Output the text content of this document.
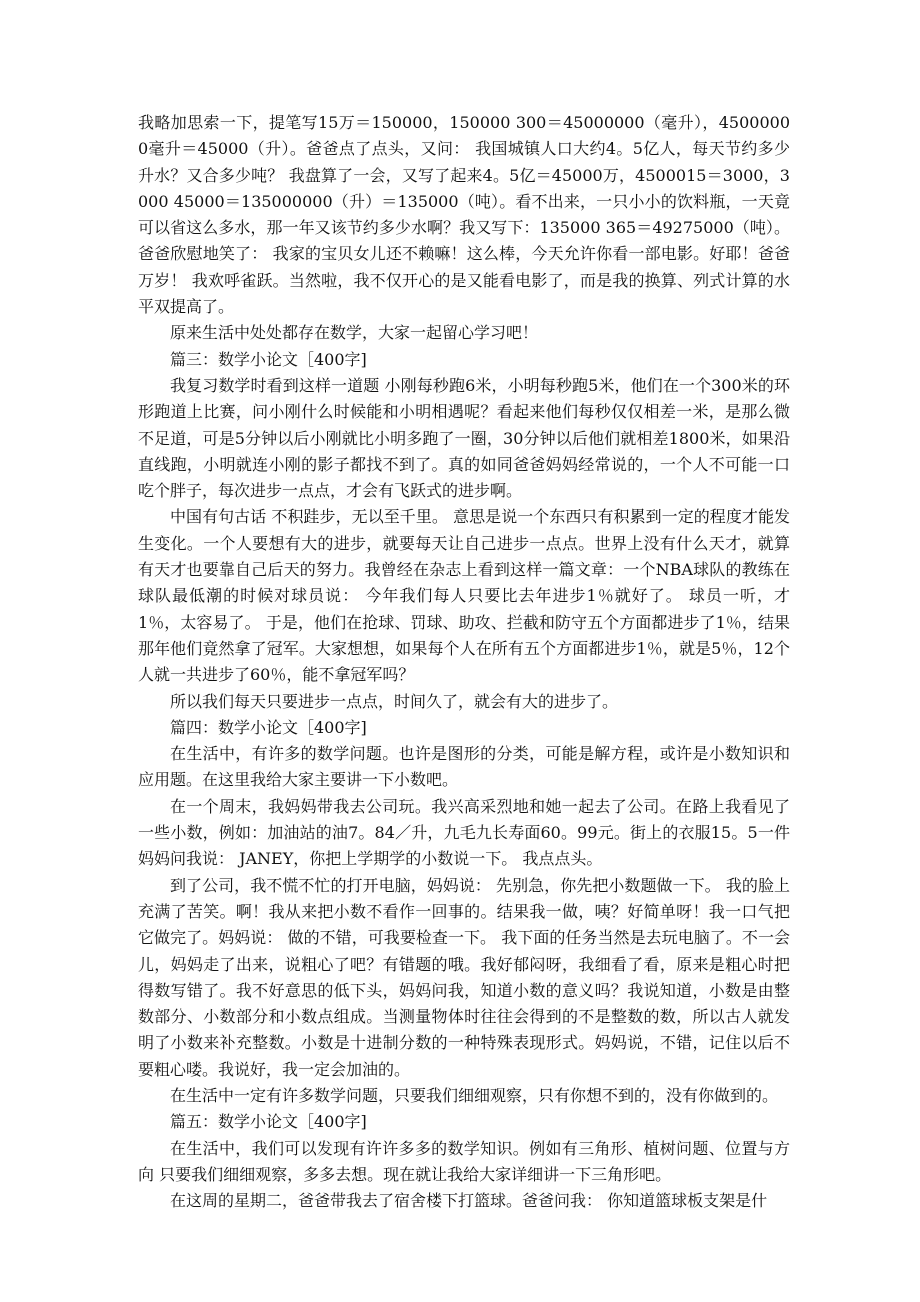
我略加思索一下，提笔写15万＝150000，150000 300＝45000000（毫升），45000000毫升＝45000（升）。爸爸点了点头，又问： 我国城镇人口大约4。5亿人，每天节约多少升水？又合多少吨？ 我盘算了一会，又写了起来4。5亿＝45000万，4500015＝3000，3000 45000＝135000000（升）＝135000（吨）。看不出来，一只小小的饮料瓶，一天竟可以省这么多水，那一年又该节约多少水啊？我又写下：135000 365＝49275000（吨）。爸爸欣慰地笑了： 我家的宝贝女儿还不赖嘛！这么棒，今天允许你看一部电影。好耶！爸爸万岁！ 我欢呼雀跃。当然啦，我不仅开心的是又能看电影了，而是我的换算、列式计算的水平双提高了。

原来生活中处处都存在数学，大家一起留心学习吧！

篇三：数学小论文［400字]

我复习数学时看到这样一道题 小刚每秒跑6米，小明每秒跑5米，他们在一个300米的环形跑道上比赛，问小刚什么时候能和小明相遇呢？看起来他们每秒仅仅相差一米，是那么微不足道，可是5分钟以后小刚就比小明多跑了一圈，30分钟以后他们就相差1800米，如果沿直线跑，小明就连小刚的影子都找不到了。真的如同爸爸妈妈经常说的，一个人不可能一口吃个胖子，每次进步一点点，才会有飞跃式的进步啊。

中国有句古话 不积跬步，无以至千里。 意思是说一个东西只有积累到一定的程度才能发生变化。一个人要想有大的进步，就要每天让自己进步一点点。世界上没有什么天才，就算有天才也要靠自己后天的努力。我曾经在杂志上看到这样一篇文章：一个NBA球队的教练在球队最低潮的时候对球员说： 今年我们每人只要比去年进步1％就好了。 球员一听，才1％，太容易了。 于是，他们在抢球、罚球、助攻、拦截和防守五个方面都进步了1％，结果那年他们竟然拿了冠军。大家想想，如果每个人在所有五个方面都进步1％，就是5％，12个人就一共进步了60％，能不拿冠军吗？

所以我们每天只要进步一点点，时间久了，就会有大的进步了。

篇四：数学小论文［400字]

在生活中，有许多的数学问题。也许是图形的分类，可能是解方程，或许是小数知识和应用题。在这里我给大家主要讲一下小数吧。

在一个周末，我妈妈带我去公司玩。我兴高采烈地和她一起去了公司。在路上我看见了一些小数，例如：加油站的油7。84／升，九毛九长寿面60。99元。街上的衣服15。5一件 妈妈问我说： JANEY，你把上学期学的小数说一下。 我点点头。

到了公司，我不慌不忙的打开电脑，妈妈说： 先别急，你先把小数题做一下。 我的脸上充满了苦笑。啊！我从来把小数不看作一回事的。结果我一做，咦？好简单呀！我一口气把它做完了。妈妈说： 做的不错，可我要检查一下。 我下面的任务当然是去玩电脑了。不一会儿，妈妈走了出来，说粗心了吧？有错题的哦。我好郁闷呀，我细看了看，原来是粗心时把得数写错了。我不好意思的低下头，妈妈问我，知道小数的意义吗？我说知道，小数是由整数部分、小数部分和小数点组成。当测量物体时往往会得到的不是整数的数，所以古人就发明了小数来补充整数。小数是十进制分数的一种特殊表现形式。妈妈说，不错，记住以后不要粗心喽。我说好，我一定会加油的。

在生活中一定有许多数学问题，只要我们细细观察，只有你想不到的，没有你做到的。

篇五：数学小论文［400字]

在生活中，我们可以发现有许许多多的数学知识。例如有三角形、植树问题、位置与方向 只要我们细细观察，多多去想。现在就让我给大家详细讲一下三角形吧。

在这周的星期二，爸爸带我去了宿舍楼下打篮球。爸爸问我： 你知道篮球板支架是什
